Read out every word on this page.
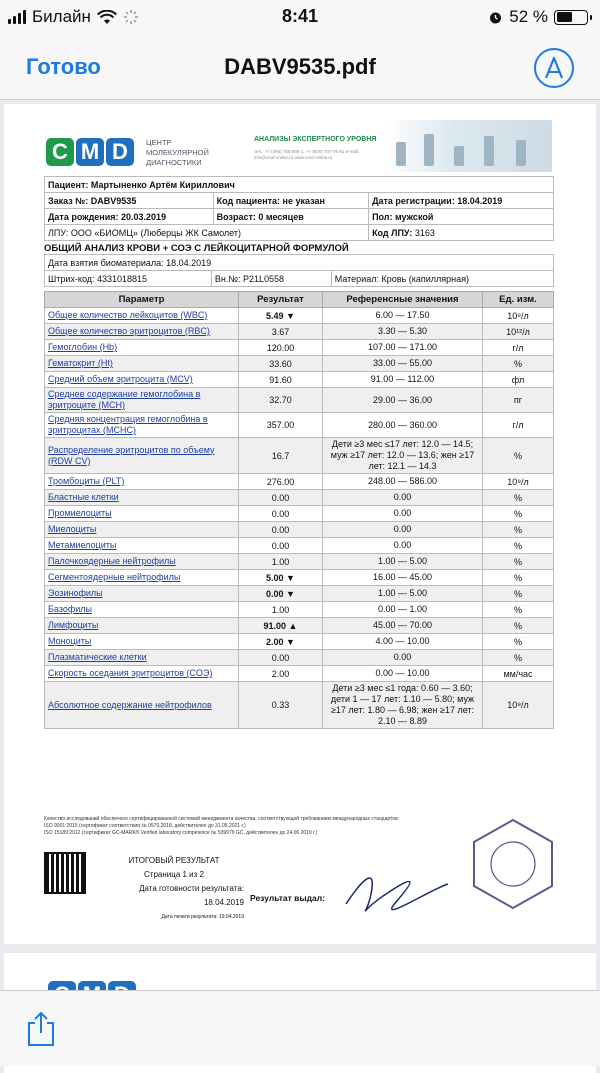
Билайн	8:41	52 %
Готово	DABV9535.pdf
C M D	ЦЕНТР
МОЛЕКУЛЯРНОЙ
ДИАГНОСТИКИ
АНАЛИЗЫ ЭКСПЕРТНОГО УРОВНЯ
тел.: +7 (495) 788-000-1, +7 (800) 707-76-81 e-mail: info@cmd-online.ru www.cmd-online.ru
Пациент: Мартыненко Артём Кириллович		
Заказ №: DABV9535	Код пациента: не указан	Дата регистрации: 18.04.2019
Дата рождения: 20.03.2019	Возраст: 0 месяцев	Пол: мужской
ЛПУ: ООО «БИОМЦ» (Люберцы ЖК Самолет)		Код ЛПУ: 3163
ОБЩИЙ АНАЛИЗ КРОВИ + СОЭ С ЛЕЙКОЦИТАРНОЙ ФОРМУЛОЙ
Дата взятия биоматериала: 18.04.2019
Штрих-код: 4331018815	Вн.№: P21L0558	Материал: Кровь (капиллярная)
Параметр	Результат	Референсные значения	Ед. изм.
Общее количество лейкоцитов (WBC)	5.49 ▼	6.00 — 17.50	10⁹/л
Общее количество эритроцитов (RBC)	3.67	3.30 — 5.30	10¹²/л
Гемоглобин (Hb)	120.00	107.00 — 171.00	г/л
Гематокрит (Ht)	33.60	33.00 — 55.00	%
Средний объем эритроцита (MCV)	91.60	91.00 — 112.00	фл
Среднее содержание гемоглобина в эритроците (MCH)	32.70	29.00 — 36.00	пг
Средняя концентрация гемоглобина в эритроцитах (MCHC)	357.00	280.00 — 360.00	г/л
Распределение эритроцитов по объему (RDW CV)	16.7	Дети ≥3 мес ≤17 лет: 12.0 — 14.5; муж ≥17 лет: 12.0 — 13.6; жен ≥17 лет: 12.1 — 14.3	%
Тромбоциты (PLT)	276.00	248.00 — 586.00	10⁹/л
Бластные клетки	0.00	0.00	%
Промиелоциты	0.00	0.00	%
Миелоциты	0.00	0.00	%
Метамиелоциты	0.00	0.00	%
Палочкоядерные нейтрофилы	1.00	1.00 — 5.00	%
Сегментоядерные нейтрофилы	5.00 ▼	16.00 — 45.00	%
Эозинофилы	0.00 ▼	1.00 — 5.00	%
Базофилы	1.00	0.00 — 1.00	%
Лимфоциты	91.00 ▲	45.00 — 70.00	%
Моноциты	2.00 ▼	4.00 — 10.00	%
Плазматические клетки	0.00	0.00	%
Скорость оседания эритроцитов (СОЭ)	2.00	0.00 — 10.00	мм/час
Абсолютное содержание нейтрофилов	0.33	Дети ≥3 мес ≤1 года: 0.60 — 3.60; дети 1 — 17 лет: 1.10 — 5.80; муж ≥17 лет: 1.80 — 6.98; жен ≥17 лет: 2.10 — 8.89	10⁹/л
Качество исследований обеспечено сертифицированной системой менеджмента качества, соответствующей требованиям международных стандартов:
ISO 9001:2015 (сертификат соответствия № 0570.2018, действителен до 31.05.2021 г.)
ISO 15189:2012 (сертификат GC-MARK® Verified laboratory competence № 539979 GC, действителен до 24.06.2019 г.)
ИТОГОВЫЙ РЕЗУЛЬТАТ
Страница 1 из 2
Дата готовности результата: 18.04.2019
Дата печати результата: 19.04.2019
Результат выдал:
